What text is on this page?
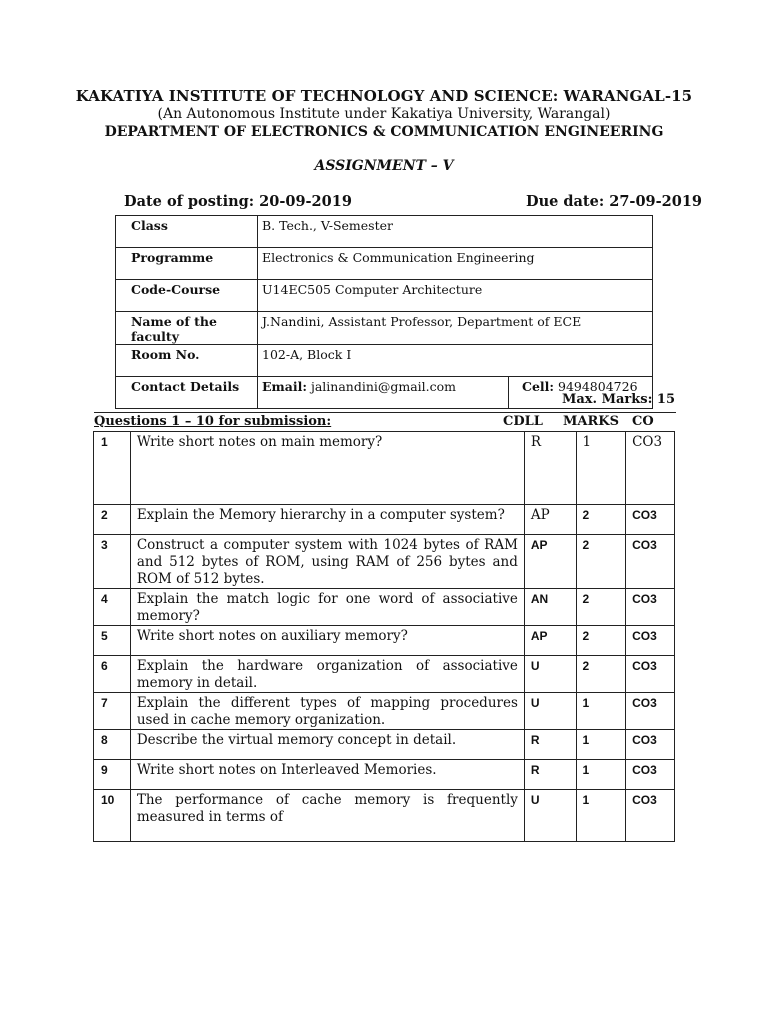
KAKATIYA INSTITUTE OF TECHNOLOGY AND SCIENCE: WARANGAL-15
(An Autonomous Institute under Kakatiya University, Warangal)
DEPARTMENT OF ELECTRONICS & COMMUNICATION ENGINEERING
ASSIGNMENT – V
Date of posting: 20-09-2019	Due date: 27-09-2019
Class	B. Tech., V-Semester	
Programme	Electronics & Communication Engineering	
Code-Course	U14EC505 Computer Architecture	
Name of the faculty	J.Nandini, Assistant Professor, Department of ECE	
Room No.	102-A, Block I	
Contact Details	Email: jalinandini@gmail.com	Cell: 9494804726
Max. Marks: 15
Questions 1 – 10 for submission:	CDLL MARKS CO
1	Write short notes on main memory?	R	1	CO3
2	Explain the Memory hierarchy in a computer system?	AP	2	CO3
3	Construct a computer system with 1024 bytes of RAM and 512 bytes of ROM, using RAM of 256 bytes and ROM of 512 bytes.	AP	2	CO3
4	Explain the match logic for one word of associative memory?	AN	2	CO3
5	Write short notes on auxiliary memory?	AP	2	CO3
6	Explain the hardware organization of associative memory in detail.	U	2	CO3
7	Explain the different types of mapping procedures used in cache memory organization.	U	1	CO3
8	Describe the virtual memory concept in detail.	R	1	CO3
9	Write short notes on Interleaved Memories.	R	1	CO3
10	The performance of cache memory is frequently measured in terms of	U	1	CO3
